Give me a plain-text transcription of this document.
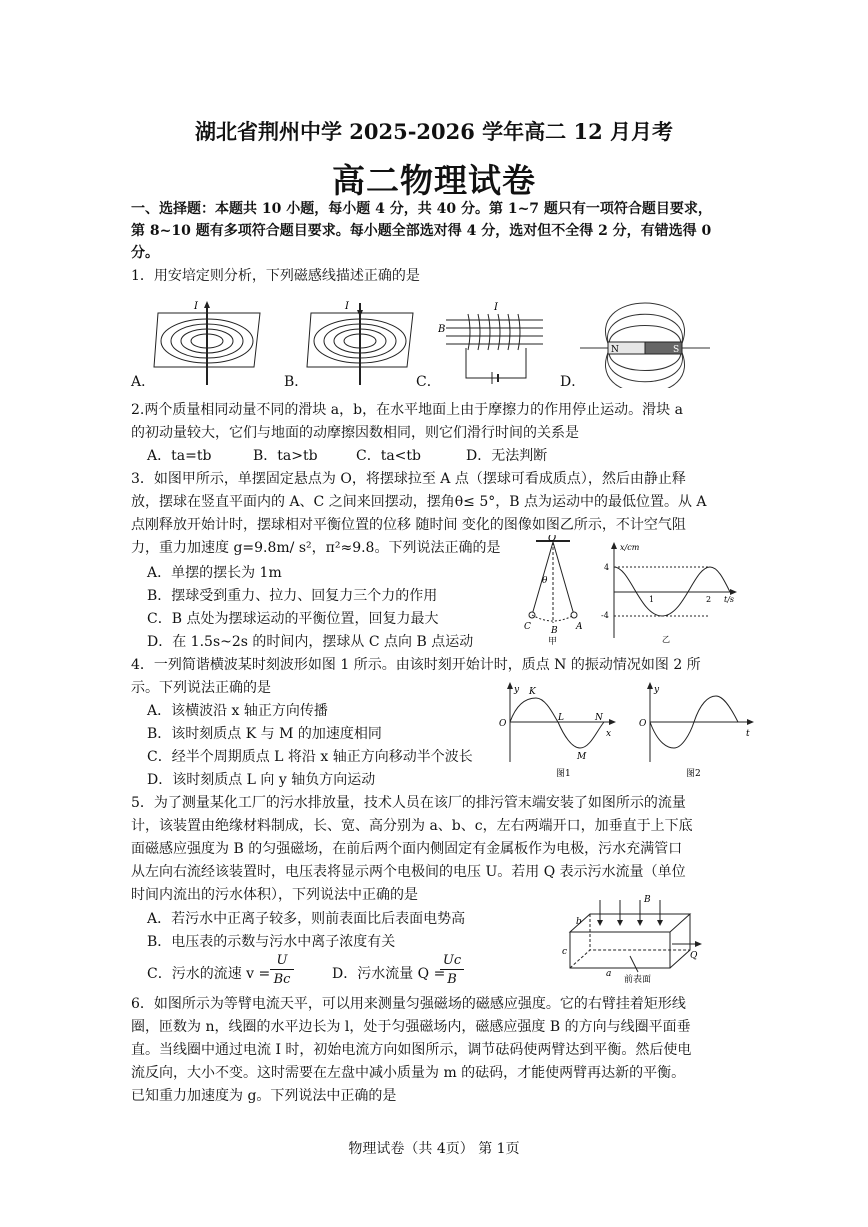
湖北省荆州中学 2025-2026 学年高二 12 月月考
高二物理试卷
一、选择题：本题共 10 小题，每小题 4 分，共 40 分。第 1~7 题只有一项符合题目要求，
第 8~10 题有多项符合题目要求。每小题全部选对得 4 分，选对但不全得 2 分，有错选得 0
分。
1．用安培定则分析，下列磁感线描述正确的是
A．	B．	C．	D．
I	I
B
I
N	S
2.两个质量相同动量不同的滑块 a，b，在水平地面上由于摩擦力的作用停止运动。滑块 a
的初动量较大，它们与地面的动摩擦因数相同，则它们滑行时间的关系是
A．ta=tb	B．ta>tb	C．ta<tb	D．无法判断
3．如图甲所示，单摆固定悬点为 O，将摆球拉至 A 点（摆球可看成质点），然后由静止释
放，摆球在竖直平面内的 A、C 之间来回摆动，摆角θ≤ 5°，B 点为运动中的最低位置。从 A
点刚释放开始计时，摆球相对平衡位置的位移 随时间 变化的图像如图乙所示，不计空气阻
力，重力加速度 g=9.8m/ s²，π²≈9.8。下列说法正确的是
A．单摆的摆长为 1m
B．摆球受到重力、拉力、回复力三个力的作用
C．B 点处为摆球运动的平衡位置，回复力最大
D．在 1.5s~2s 的时间内，摆球从 C 点向 B 点运动
O
θ
C B A
甲
x/cm
t/s
4
-4
1	2
乙
4．一列简谐横波某时刻波形如图 1 所示。由该时刻开始计时，质点 N 的振动情况如图 2 所
示。下列说法正确的是
A．该横波沿 x 轴正方向传播
B．该时刻质点 K 与 M 的加速度相同
C．经半个周期质点 L 将沿 x 轴正方向移动半个波长
D．该时刻质点 L 向 y 轴负方向运动
y
x
O
K
L
M
N
图1
y
t
O
图2
5．为了测量某化工厂的污水排放量，技术人员在该厂的排污管末端安装了如图所示的流量
计，该装置由绝缘材料制成，长、宽、高分别为 a、b、c，左右两端开口，加垂直于上下底
面磁感应强度为 B 的匀强磁场，在前后两个面内侧固定有金属板作为电极，污水充满管口
从左向右流经该装置时，电压表将显示两个电极间的电压 U。若用 Q 表示污水流量（单位
时间内流出的污水体积），下列说法中正确的是
A．若污水中正离子较多，则前表面比后表面电势高
B．电压表的示数与污水中离子浓度有关
C．污水的流速 v =
U
Bc	D．污水流量 Q =
Uc
B
B
b
c
a
Q
前表面
6．如图所示为等臂电流天平，可以用来测量匀强磁场的磁感应强度。它的右臂挂着矩形线
圈，匝数为 n，线圈的水平边长为 l，处于匀强磁场内，磁感应强度 B 的方向与线圈平面垂
直。当线圈中通过电流 I 时，初始电流方向如图所示，调节砝码使两臂达到平衡。然后使电
流反向，大小不变。这时需要在左盘中减小质量为 m 的砝码，才能使两臂再达新的平衡。
已知重力加速度为 g。下列说法中正确的是
物理试卷（共 4页） 第 1页
